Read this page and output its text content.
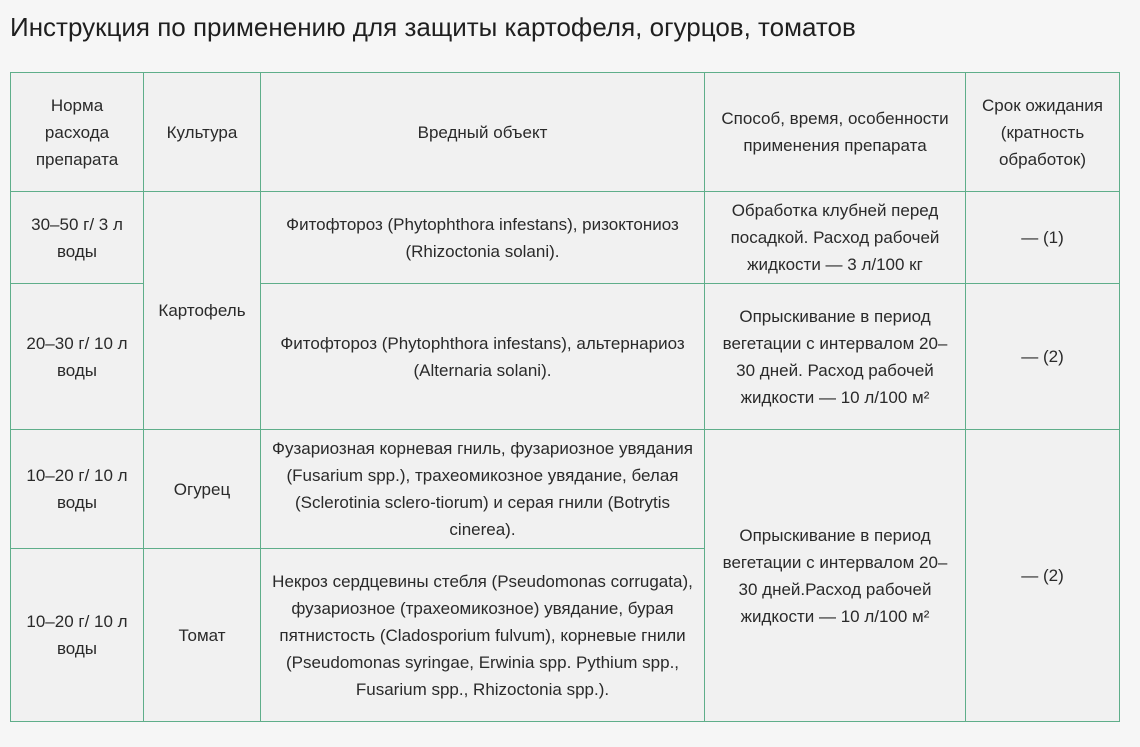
Инструкция по применению для защиты картофеля, огурцов, томатов
Норма расхода препарата	Культура	Вредный объект	Способ, время, особенности применения препарата	Срок ожидания (кратность обработок)
30–50 г/ 3 л воды	Картофель	Фитофтороз (Phytophthora infestans), ризоктониоз (Rhizoctonia solani).	Обработка клубней перед посадкой. Расход рабочей жидкости — 3 л/100 кг	— (1)
20–30 г/ 10 л воды		Фитофтороз (Phytophthora infestans), альтернариоз (Alternaria solani).	Опрыскивание в период вегетации с интервалом 20–30 дней. Расход рабочей жидкости — 10 л/100 м²	— (2)
10–20 г/ 10 л воды	Огурец	Фузариозная корневая гниль, фузариозное увядания (Fusarium spp.), трахеомикозное увядание, белая (Sclerotinia sclero-tiorum) и серая гнили (Botrytis cinerea).	Опрыскивание в период вегетации с интервалом 20–30 дней.Расход рабочей жидкости — 10 л/100 м²	— (2)
10–20 г/ 10 л воды	Томат	Некроз сердцевины стебля (Pseudomonas corrugata), фузариозное (трахеомикозное) увядание, бурая пятнистость (Cladosporium fulvum), корневые гнили (Pseudomonas syringae, Erwinia spp. Pythium spp., Fusarium spp., Rhizoctonia spp.).		
